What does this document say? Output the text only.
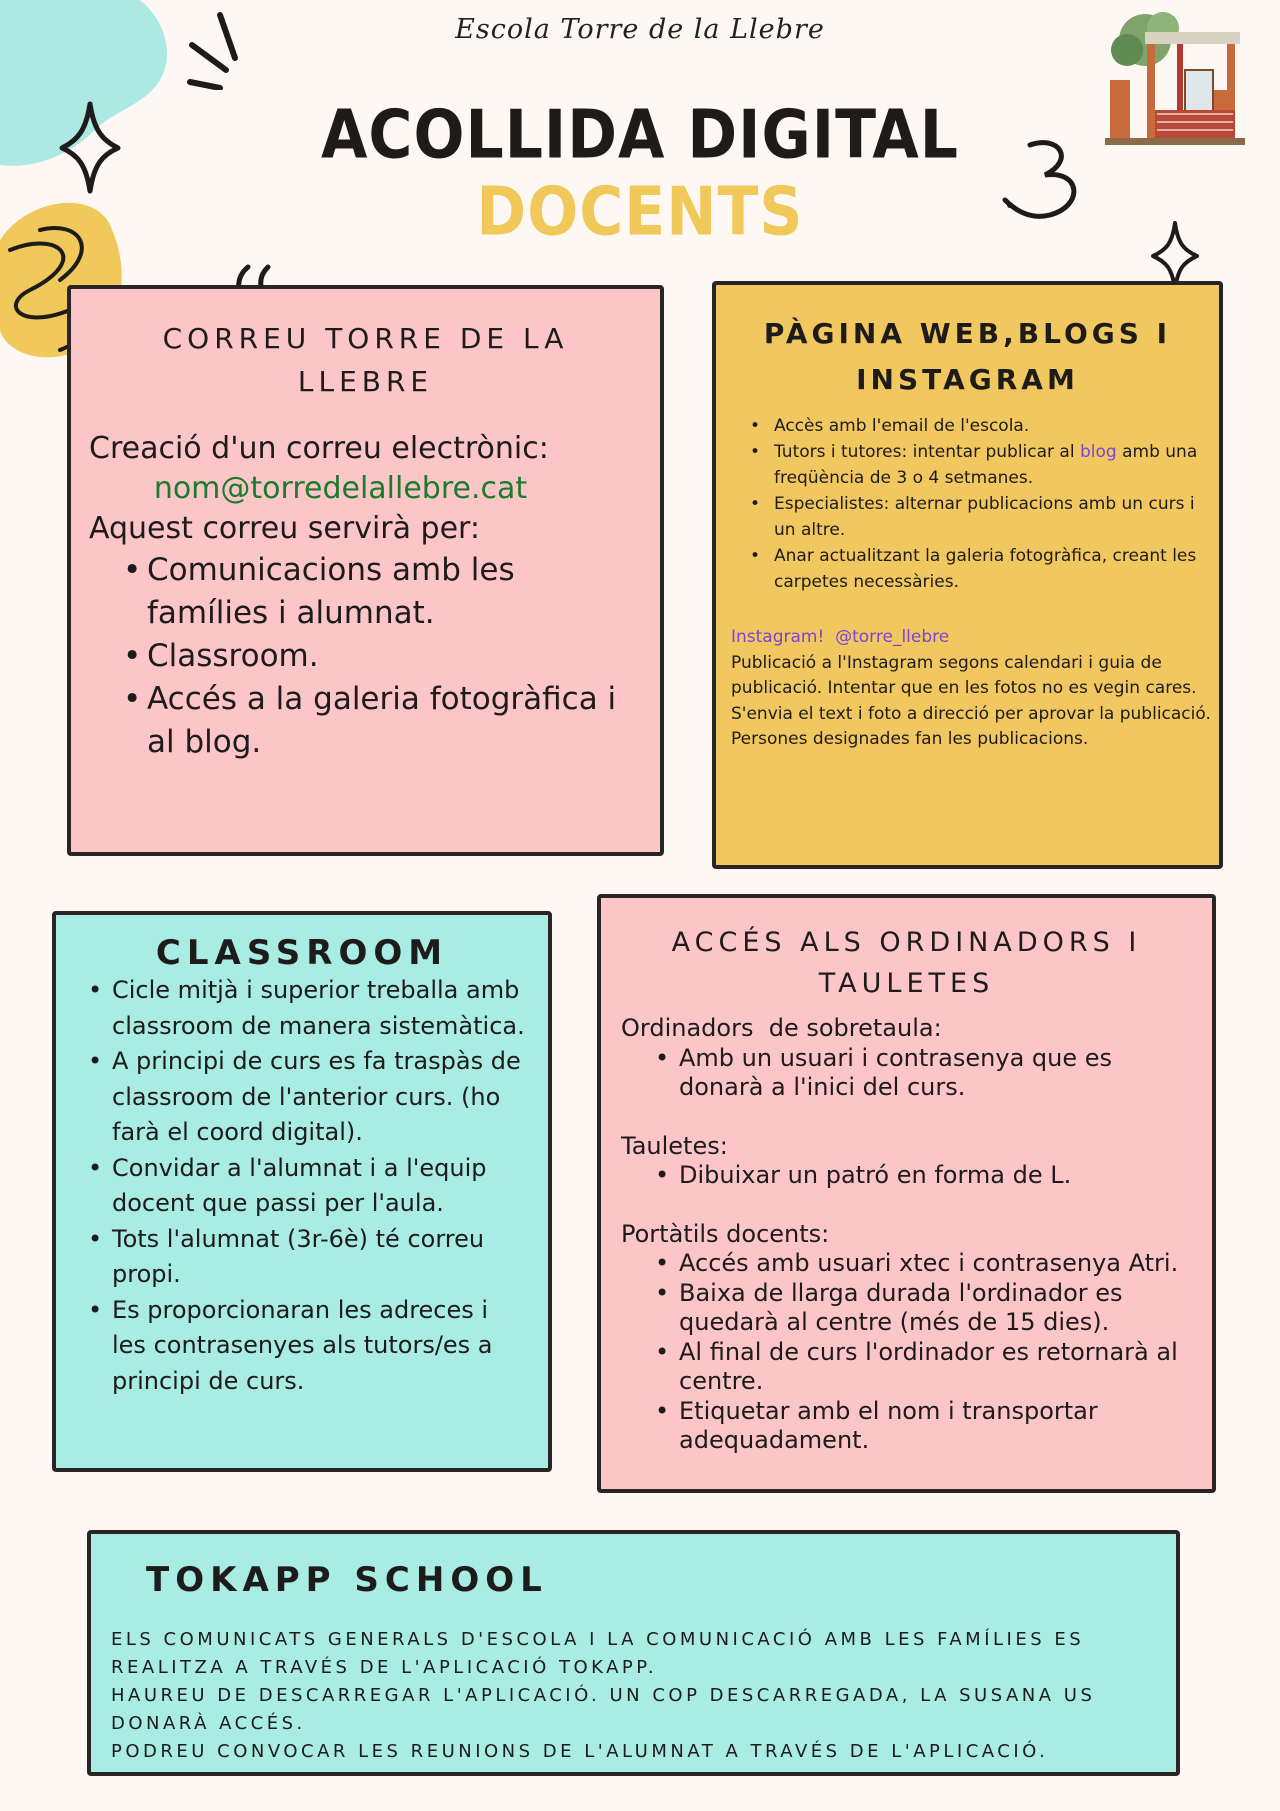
Escola Torre de la Llebre
ACOLLIDA DIGITAL
DOCENTS
CORREU TORRE DE LA LLEBRE
Creació d'un correu electrònic:
nom@torredelallebre.cat
Aquest correu servirà per:
• Comunicacions amb les famílies i alumnat.
• Classroom.
• Accés a la galeria fotogràfica i al blog.
PÀGINA WEB,BLOGS I INSTAGRAM
• Accès amb l'email de l'escola.
• Tutors i tutores: intentar publicar al blog amb una freqüència de 3 o 4 setmanes.
• Especialistes: alternar publicacions amb un curs i un altre.
• Anar actualitzant la galeria fotogràfica, creant les carpetes necessàries.
Instagram!  @torre_llebre
Publicació a l'Instagram segons calendari i guia de publicació. Intentar que en les fotos no es vegin cares. S'envia el text i foto a direcció per aprovar la publicació. Persones designades fan les publicacions.
CLASSROOM
• Cicle mitjà i superior treballa amb classroom de manera sistemàtica.
• A principi de curs es fa traspàs de classroom de l'anterior curs. (ho farà el coord digital).
• Convidar a l'alumnat i a l'equip docent que passi per l'aula.
• Tots l'alumnat (3r-6è) té correu propi.
• Es proporcionaran les adreces i les contrasenyes als tutors/es a principi de curs.
ACCÉS ALS ORDINADORS I TAULETES
Ordinadors  de sobretaula:
• Amb un usuari i contrasenya que es donarà a l'inici del curs.
Tauletes:
• Dibuixar un patró en forma de L.
Portàtils docents:
• Accés amb usuari xtec i contrasenya Atri.
• Baixa de llarga durada l'ordinador es quedarà al centre (més de 15 dies).
• Al final de curs l'ordinador es retornarà al centre.
• Etiquetar amb el nom i transportar adequadament.
TOKAPP SCHOOL
ELS COMUNICATS GENERALS D'ESCOLA I LA COMUNICACIÓ AMB LES FAMÍLIES ES REALITZA A TRAVÉS DE L'APLICACIÓ TOKAPP.
HAUREU DE DESCARREGAR L'APLICACIÓ. UN COP DESCARREGADA, LA SUSANA US DONARÀ ACCÉS.
PODREU CONVOCAR LES REUNIONS DE L'ALUMNAT A TRAVÉS DE L'APLICACIÓ.
